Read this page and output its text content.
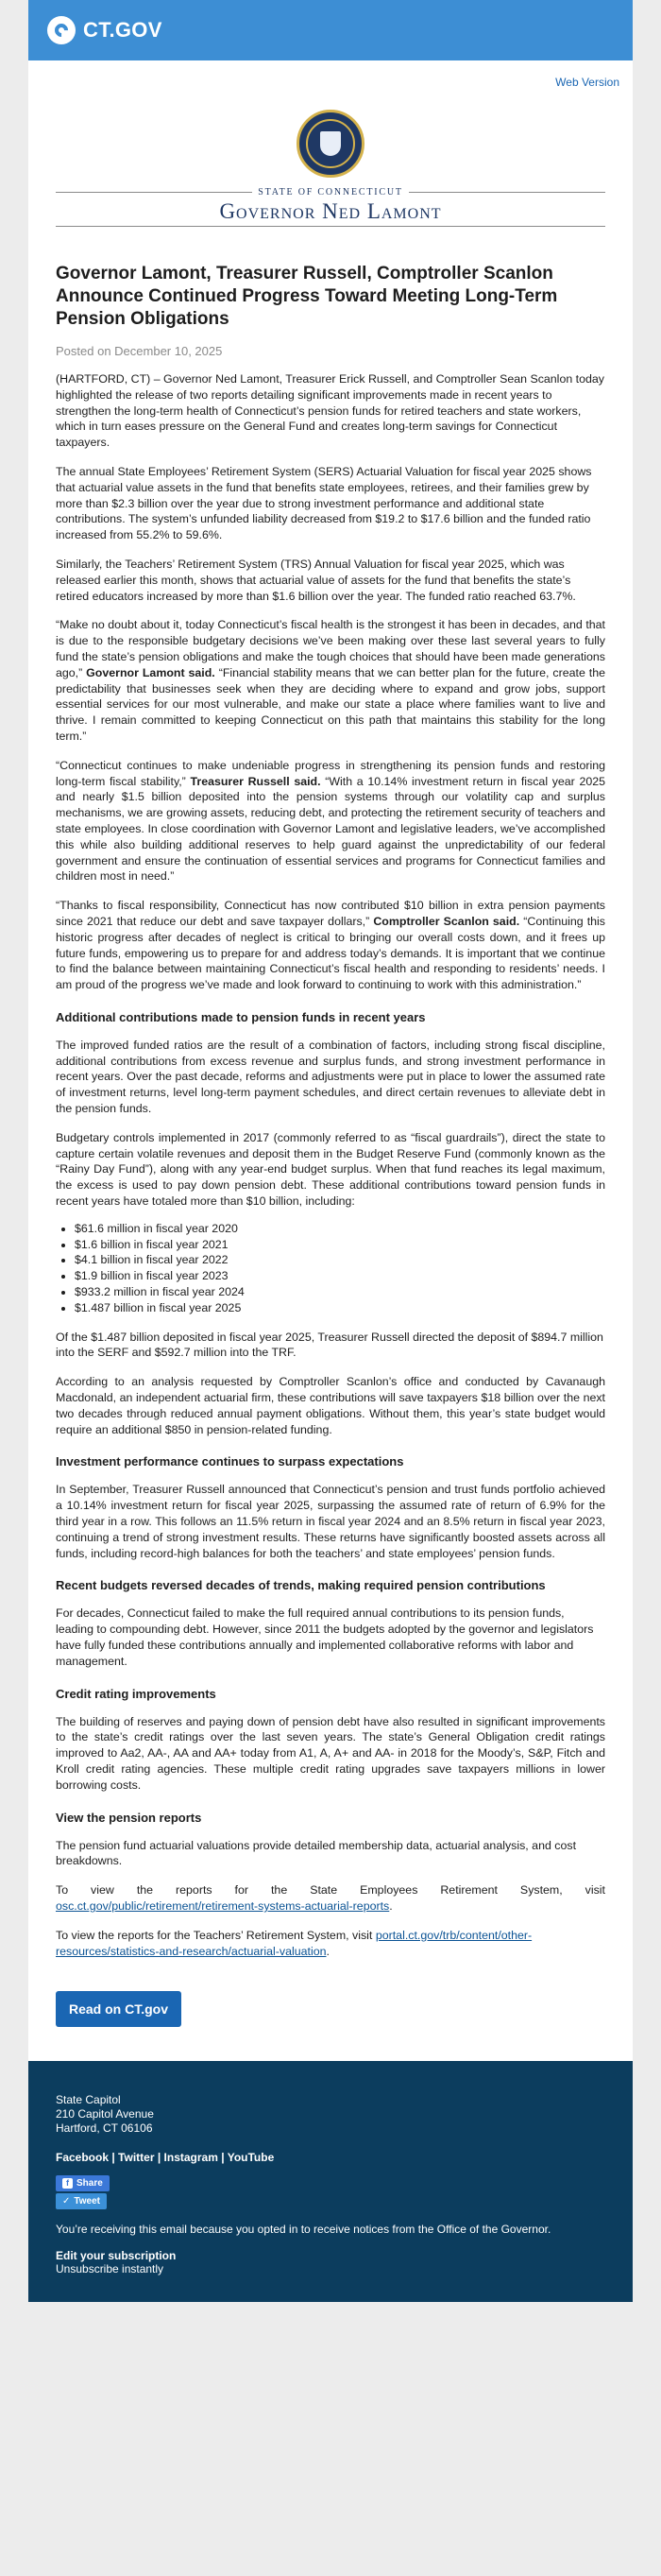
CT.GOV
Web Version
STATE OF CONNECTICUT
Governor Ned Lamont
Governor Lamont, Treasurer Russell, Comptroller Scanlon Announce Continued Progress Toward Meeting Long-Term Pension Obligations
Posted on December 10, 2025

(HARTFORD, CT) – Governor Ned Lamont, Treasurer Erick Russell, and Comptroller Sean Scanlon today highlighted the release of two reports detailing significant improvements made in recent years to strengthen the long-term health of Connecticut’s pension funds for retired teachers and state workers, which in turn eases pressure on the General Fund and creates long-term savings for Connecticut taxpayers.

The annual State Employees’ Retirement System (SERS) Actuarial Valuation for fiscal year 2025 shows that actuarial value assets in the fund that benefits state employees, retirees, and their families grew by more than $2.3 billion over the year due to strong investment performance and additional state contributions. The system’s unfunded liability decreased from $19.2 to $17.6 billion and the funded ratio increased from 55.2% to 59.6%.

Similarly, the Teachers’ Retirement System (TRS) Annual Valuation for fiscal year 2025, which was released earlier this month, shows that actuarial value of assets for the fund that benefits the state’s retired educators increased by more than $1.6 billion over the year. The funded ratio reached 63.7%.

“Make no doubt about it, today Connecticut’s fiscal health is the strongest it has been in decades, and that is due to the responsible budgetary decisions we’ve been making over these last several years to fully fund the state’s pension obligations and make the tough choices that should have been made generations ago,” Governor Lamont said. “Financial stability means that we can better plan for the future, create the predictability that businesses seek when they are deciding where to expand and grow jobs, support essential services for our most vulnerable, and make our state a place where families want to live and thrive. I remain committed to keeping Connecticut on this path that maintains this stability for the long term.”

“Connecticut continues to make undeniable progress in strengthening its pension funds and restoring long-term fiscal stability,” Treasurer Russell said. “With a 10.14% investment return in fiscal year 2025 and nearly $1.5 billion deposited into the pension systems through our volatility cap and surplus mechanisms, we are growing assets, reducing debt, and protecting the retirement security of teachers and state employees. In close coordination with Governor Lamont and legislative leaders, we’ve accomplished this while also building additional reserves to help guard against the unpredictability of our federal government and ensure the continuation of essential services and programs for Connecticut families and children most in need.”

“Thanks to fiscal responsibility, Connecticut has now contributed $10 billion in extra pension payments since 2021 that reduce our debt and save taxpayer dollars,” Comptroller Scanlon said. “Continuing this historic progress after decades of neglect is critical to bringing our overall costs down, and it frees up future funds, empowering us to prepare for and address today’s demands. It is important that we continue to find the balance between maintaining Connecticut’s fiscal health and responding to residents’ needs. I am proud of the progress we’ve made and look forward to continuing to work with this administration.”

Additional contributions made to pension funds in recent years

The improved funded ratios are the result of a combination of factors, including strong fiscal discipline, additional contributions from excess revenue and surplus funds, and strong investment performance in recent years. Over the past decade, reforms and adjustments were put in place to lower the assumed rate of investment returns, level long-term payment schedules, and direct certain revenues to alleviate debt in the pension funds.

Budgetary controls implemented in 2017 (commonly referred to as “fiscal guardrails”), direct the state to capture certain volatile revenues and deposit them in the Budget Reserve Fund (commonly known as the “Rainy Day Fund”), along with any year-end budget surplus. When that fund reaches its legal maximum, the excess is used to pay down pension debt. These additional contributions toward pension funds in recent years have totaled more than $10 billion, including:

• $61.6 million in fiscal year 2020
• $1.6 billion in fiscal year 2021
• $4.1 billion in fiscal year 2022
• $1.9 billion in fiscal year 2023
• $933.2 million in fiscal year 2024
• $1.487 billion in fiscal year 2025

Of the $1.487 billion deposited in fiscal year 2025, Treasurer Russell directed the deposit of $894.7 million into the SERF and $592.7 million into the TRF.

According to an analysis requested by Comptroller Scanlon’s office and conducted by Cavanaugh Macdonald, an independent actuarial firm, these contributions will save taxpayers $18 billion over the next two decades through reduced annual payment obligations. Without them, this year’s state budget would require an additional $850 in pension-related funding.

Investment performance continues to surpass expectations

In September, Treasurer Russell announced that Connecticut’s pension and trust funds portfolio achieved a 10.14% investment return for fiscal year 2025, surpassing the assumed rate of return of 6.9% for the third year in a row. This follows an 11.5% return in fiscal year 2024 and an 8.5% return in fiscal year 2023, continuing a trend of strong investment results. These returns have significantly boosted assets across all funds, including record-high balances for both the teachers’ and state employees’ pension funds.

Recent budgets reversed decades of trends, making required pension contributions

For decades, Connecticut failed to make the full required annual contributions to its pension funds, leading to compounding debt. However, since 2011 the budgets adopted by the governor and legislators have fully funded these contributions annually and implemented collaborative reforms with labor and management.

Credit rating improvements

The building of reserves and paying down of pension debt have also resulted in significant improvements to the state’s credit ratings over the last seven years. The state’s General Obligation credit ratings improved to Aa2, AA-, AA and AA+ today from A1, A, A+ and AA- in 2018 for the Moody’s, S&P, Fitch and Kroll credit rating agencies. These multiple credit rating upgrades save taxpayers millions in lower borrowing costs.

View the pension reports

The pension fund actuarial valuations provide detailed membership data, actuarial analysis, and cost breakdowns.

To view the reports for the State Employees Retirement System, visit osc.ct.gov/public/retirement/retirement-systems-actuarial-reports.

To view the reports for the Teachers’ Retirement System, visit portal.ct.gov/trb/content/other-resources/statistics-and-research/actuarial-valuation.

Read on CT.gov
State Capitol
210 Capitol Avenue
Hartford, CT 06106
Facebook | Twitter | Instagram | YouTube
f Share
✓ Tweet
You’re receiving this email because you opted in to receive notices from the Office of the Governor.
Edit your subscription
Unsubscribe instantly
